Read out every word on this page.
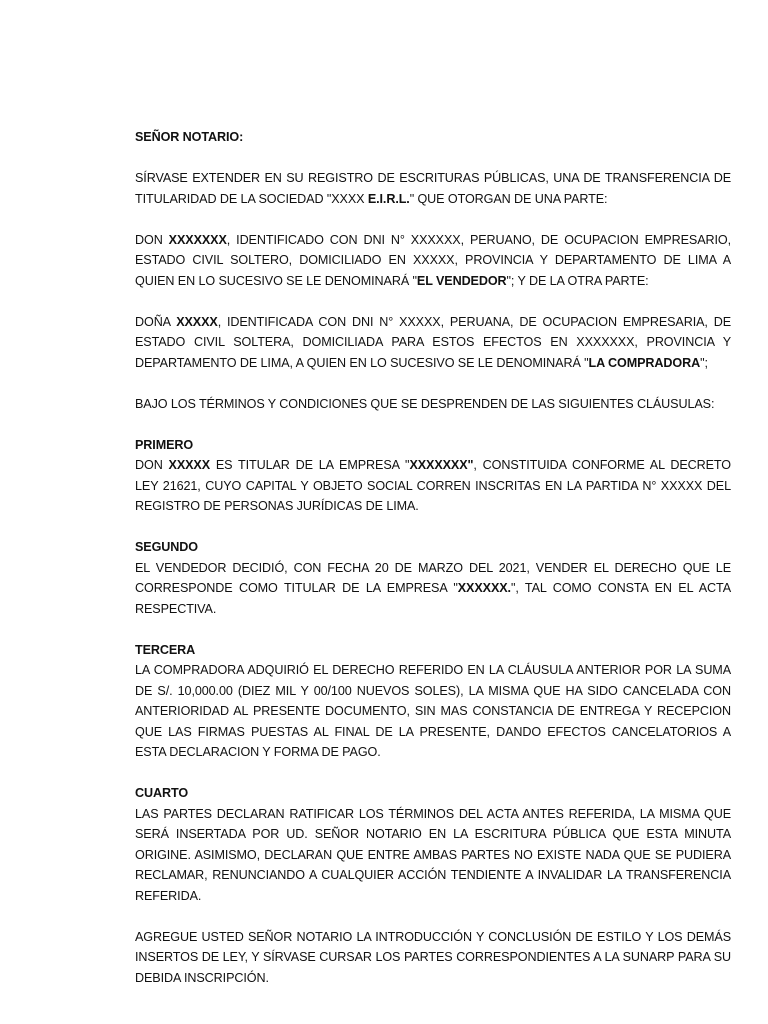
SEÑOR NOTARIO:

SÍRVASE EXTENDER EN SU REGISTRO DE ESCRITURAS PÚBLICAS, UNA DE TRANSFERENCIA DE TITULARIDAD DE LA SOCIEDAD "XXXX E.I.R.L." QUE OTORGAN DE UNA PARTE:

DON XXXXXXX, IDENTIFICADO CON DNI N° XXXXXX, PERUANO, DE OCUPACION EMPRESARIO, ESTADO CIVIL SOLTERO, DOMICILIADO EN XXXXX, PROVINCIA Y DEPARTAMENTO DE LIMA A QUIEN EN LO SUCESIVO SE LE DENOMINARÁ "EL VENDEDOR"; Y DE LA OTRA PARTE:

DOÑA XXXXX, IDENTIFICADA CON DNI N° XXXXX, PERUANA, DE OCUPACION EMPRESARIA, DE ESTADO CIVIL SOLTERA, DOMICILIADA PARA ESTOS EFECTOS EN XXXXXXX, PROVINCIA Y DEPARTAMENTO DE LIMA, A QUIEN EN LO SUCESIVO SE LE DENOMINARÁ "LA COMPRADORA";

BAJO LOS TÉRMINOS Y CONDICIONES QUE SE DESPRENDEN DE LAS SIGUIENTES CLÁUSULAS:

PRIMERO

DON XXXXX ES TITULAR DE LA EMPRESA "XXXXXXX", CONSTITUIDA CONFORME AL DECRETO LEY 21621, CUYO CAPITAL Y OBJETO SOCIAL CORREN INSCRITAS EN LA PARTIDA N° XXXXX DEL REGISTRO DE PERSONAS JURÍDICAS DE LIMA.

SEGUNDO

EL VENDEDOR DECIDIÓ, CON FECHA 20 DE MARZO DEL 2021, VENDER EL DERECHO QUE LE CORRESPONDE COMO TITULAR DE LA EMPRESA "XXXXXX.", TAL COMO CONSTA EN EL ACTA RESPECTIVA.

TERCERA

LA COMPRADORA ADQUIRIÓ EL DERECHO REFERIDO EN LA CLÁUSULA ANTERIOR POR LA SUMA DE S/. 10,000.00 (DIEZ MIL Y 00/100 NUEVOS SOLES), LA MISMA QUE HA SIDO CANCELADA CON ANTERIORIDAD AL PRESENTE DOCUMENTO, SIN MAS CONSTANCIA DE ENTREGA Y RECEPCION QUE LAS FIRMAS PUESTAS AL FINAL DE LA PRESENTE, DANDO EFECTOS CANCELATORIOS A ESTA DECLARACION Y FORMA DE PAGO.

CUARTO

LAS PARTES DECLARAN RATIFICAR LOS TÉRMINOS DEL ACTA ANTES REFERIDA, LA MISMA QUE SERÁ INSERTADA POR UD. SEÑOR NOTARIO EN LA ESCRITURA PÚBLICA QUE ESTA MINUTA ORIGINE. ASIMISMO, DECLARAN QUE ENTRE AMBAS PARTES NO EXISTE NADA QUE SE PUDIERA RECLAMAR, RENUNCIANDO A CUALQUIER ACCIÓN TENDIENTE A INVALIDAR LA TRANSFERENCIA REFERIDA.

AGREGUE USTED SEÑOR NOTARIO LA INTRODUCCIÓN Y CONCLUSIÓN DE ESTILO Y LOS DEMÁS INSERTOS DE LEY, Y SÍRVASE CURSAR LOS PARTES CORRESPONDIENTES A LA SUNARP PARA SU DEBIDA INSCRIPCIÓN.
